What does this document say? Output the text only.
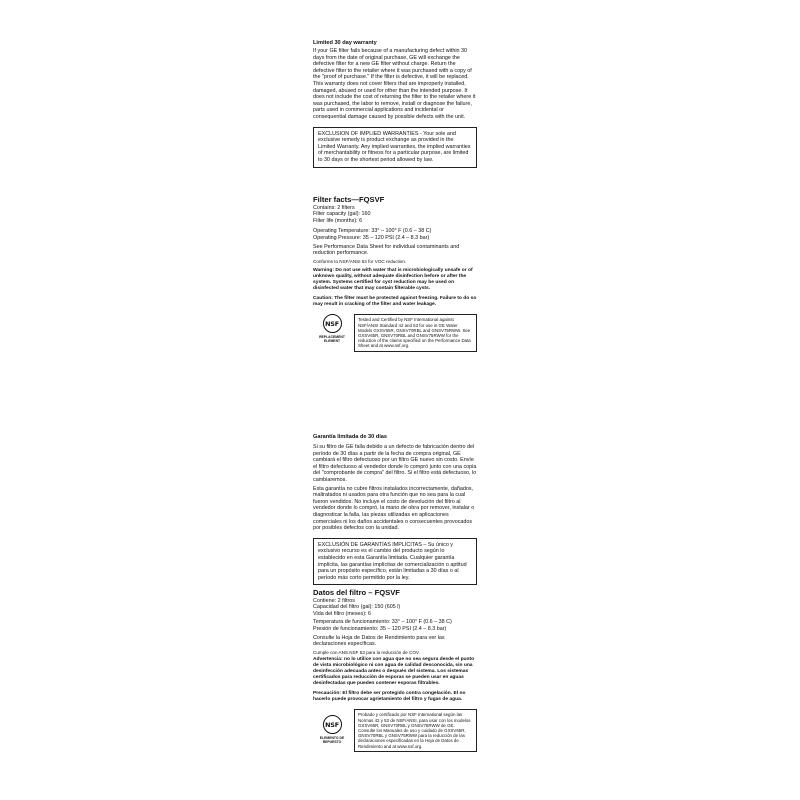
Limited 30 day warranty

If your GE filter fails because of a manufacturing defect within 30 days from the date of original purchase, GE will exchange the defective filter for a new GE filter without charge. Return the defective filter to the retailer where it was purchased with a copy of the "proof of purchase." If the filter is defective, it will be replaced.

This warranty does not cover filters that are improperly installed, damaged, abused or used for other than the intended purpose. It does not include the cost of returning the filter to the retailer where it was purchased, the labor to remove, install or diagnose the failure, parts used in commercial applications and incidental or consequential damage caused by possible defects with the unit.

EXCLUSION OF IMPLIED WARRANTIES - Your sole and exclusive remedy is product exchange as provided in the Limited Warranty. Any implied warranties, the implied warranties of merchantability or fitness for a particular purpose, are limited to 30 days or the shortest period allowed by law.

Filter facts—FQSVF

Contains: 2 filters

Filter capacity (gal): 160

Filter life (months): 6

Operating Temperature: 33° – 100° F (0.6 – 38 C)

Operating Pressure: 35 – 120 PSI (2.4 – 8.3 bar)

See Performance Data Sheet for individual contaminants and reduction performance.

Conforms to NSF/ANSI 53 for VOC reduction.

Warning: Do not use with water that is microbiologically unsafe or of unknown quality, without adequate disinfection before or after the system. Systems certified for cyst reduction may be used on disinfected water that may contain filterable cysts.

Caution: The filter must be protected against freezing. Failure to do so may result in cracking of the filter and water leakage.

NSF
REPLACEMENT ELEMENT

Tested and Certified by NSF International against NSF/ANSI Standard 42 and 53 for use in GE Water Models GXSV65R, GNSV70RBL and GNSV75RWW. See GXSV65R, GNSV70RBL and GNSV75RWW for the reduction of the claims specified on the Performance Data Sheet and at www.nsf.org.

Garantía limitada de 30 días

Si su filtro de GE falla debido a un defecto de fabricación dentro del período de 30 días a partir de la fecha de compra original, GE cambiará el filtro defectuoso por un filtro GE nuevo sin costo. Envíe el filtro defectuoso al vendedor donde lo compró junto con una copia del "comprobante de compra" del filtro. Si el filtro está defectuoso, lo cambiaremos.

Esta garantía no cubre filtros instalados incorrectamente, dañados, maltratados ni usados para otra función que no sea para la cual fueron vendidos. No incluye el costo de devolución del filtro al vendedor donde lo compró, la mano de obra por remover, instalar o diagnosticar la falla, las piezas utilizadas en aplicaciones comerciales ni los daños accidentales o consecuentes provocados por posibles defectos con la unidad.

EXCLUSIÓN DE GARANTÍAS IMPLÍCITAS – Su único y exclusivo recurso es el cambio del producto según lo establecido en esta Garantía limitada. Cualquier garantía implícita, las garantías implícitas de comercialización o aptitud para un propósito específico, están limitadas a 30 días o al período más corto permitido por la ley.

Datos del filtro – FQSVF

Contiene: 2 filtros

Capacidad del filtro (gal): 150 (605 l)

Vida del filtro (meses): 6

Temperatura de funcionamiento: 33° – 100° F (0.6 – 38 C)

Presión de funcionamiento: 35 – 120 PSI (2.4 – 8.3 bar)

Consulte la Hoja de Datos de Rendimiento para ver las declaraciones específicas.

Cumple con ANS.NSF 53 para la reducción de COV.

Advertencia: no lo utilice con agua que no sea segura desde el punto de vista microbiológico ni con agua de calidad desconocida, sin una desinfección adecuada antes o después del sistema. Los sistemas certificados para reducción de esporas se pueden usar en aguas desinfectadas que pueden contener esporas filtrables.

Precaución: El filtro debe ser protegido contra congelación. El no hacerlo puede provocar agrietamiento del filtro y fugas de agua.

NSF
ELEMENTO DE REPUESTO

Probado y certificado por NSF International según las Normas 42 y 53 de NSF/ANSI, para usar con los modelos GXSV65R, GNSV70RBL y GNSV75RWW de GE. Consulte los Manuales de uso y cuidado de GXSV65R, GNSV70RBL y GNSV75RWW para la reducción de las declaraciones especificadas en la Hoja de Datos de Rendimiento and at www.nsf.org.
